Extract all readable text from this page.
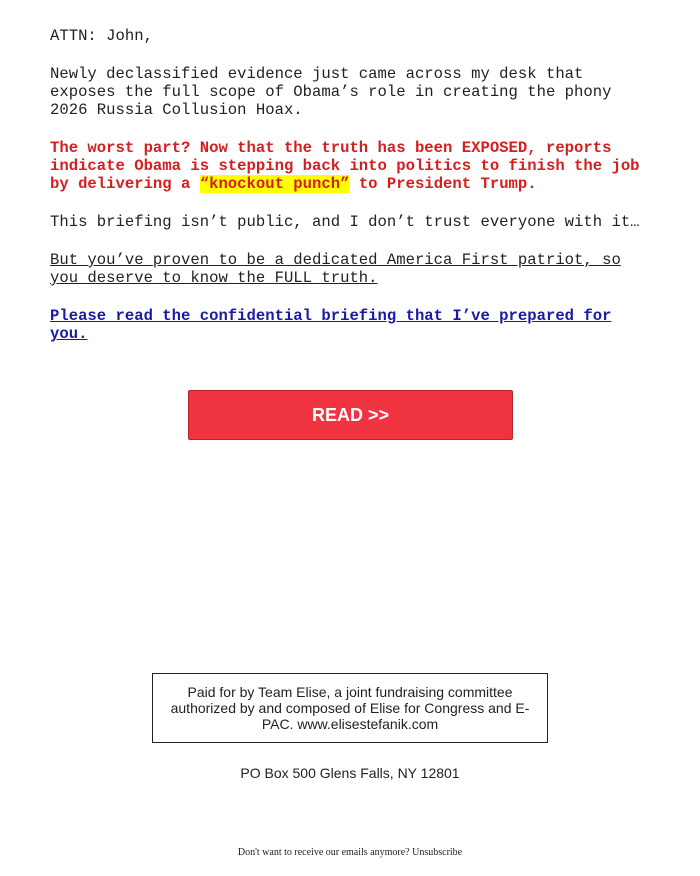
ATTN: John,

Newly declassified evidence just came across my desk that exposes the full scope of Obama’s role in creating the phony 2026 Russia Collusion Hoax.

The worst part? Now that the truth has been EXPOSED, reports indicate Obama is stepping back into politics to finish the job by delivering a “knockout punch” to President Trump.

This briefing isn’t public, and I don’t trust everyone with it…

But you’ve proven to be a dedicated America First patriot, so you deserve to know the FULL truth.

Please read the confidential briefing that I’ve prepared for you.

READ >>
Paid for by Team Elise, a joint fundraising committee authorized by and composed of Elise for Congress and E-PAC. www.elisestefanik.com
PO Box 500 Glens Falls, NY 12801
Don't want to receive our emails anymore? Unsubscribe
